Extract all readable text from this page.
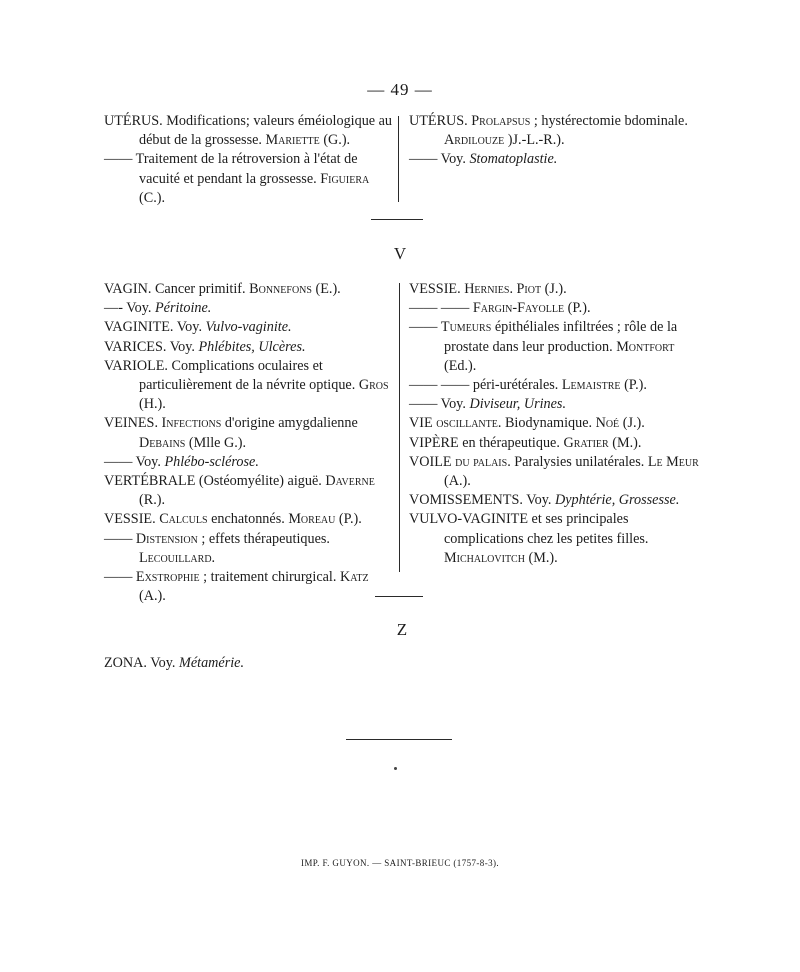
— 49 —

UTÉRUS. Modifications; valeurs éméiologique au début de la grossesse. Mariette (G.).

—— Traitement de la rétroversion à l'état de vacuité et pendant la grossesse. Figuiera (C.).

UTÉRUS. Prolapsus ; hystérectomie bdominale. Ardilouze )J.-L.-R.).

—— Voy. Stomatoplastie.

V

VAGIN. Cancer primitif. Bonnefons (E.).

—- Voy. Péritoine.

VAGINITE. Voy. Vulvo-vaginite.

VARICES. Voy. Phlébites, Ulcères.

VARIOLE. Complications oculaires et particulièrement de la névrite optique. Gros (H.).

VEINES. Infections d'origine amygdalienne Debains (Mlle G.).

—— Voy. Phlébo-sclérose.

VERTÉBRALE (Ostéomyélite) aiguë. Daverne (R.).

VESSIE. Calculs enchatonnés. Moreau (P.).

—— Distension ; effets thérapeutiques. Lecouillard.

—— Exstrophie ; traitement chirurgical. Katz (A.).

VESSIE. Hernies. Piot (J.).

—— —— Fargin-Fayolle (P.).

—— Tumeurs épithéliales infiltrées ; rôle de la prostate dans leur production. Montfort (Ed.).

—— —— péri-urétérales. Lemaistre (P.).

—— Voy. Diviseur, Urines.

VIE oscillante. Biodynamique. Noé (J.).

VIPÈRE en thérapeutique. Gratier (M.).

VOILE du palais. Paralysies unilatérales. Le Meur (A.).

VOMISSEMENTS. Voy. Dyphtérie, Grossesse.

VULVO-VAGINITE et ses principales complications chez les petites filles. Michalovitch (M.).

Z

ZONA. Voy. Métamérie.

IMP. F. GUYON. — SAINT-BRIEUC (1757-8-3).
